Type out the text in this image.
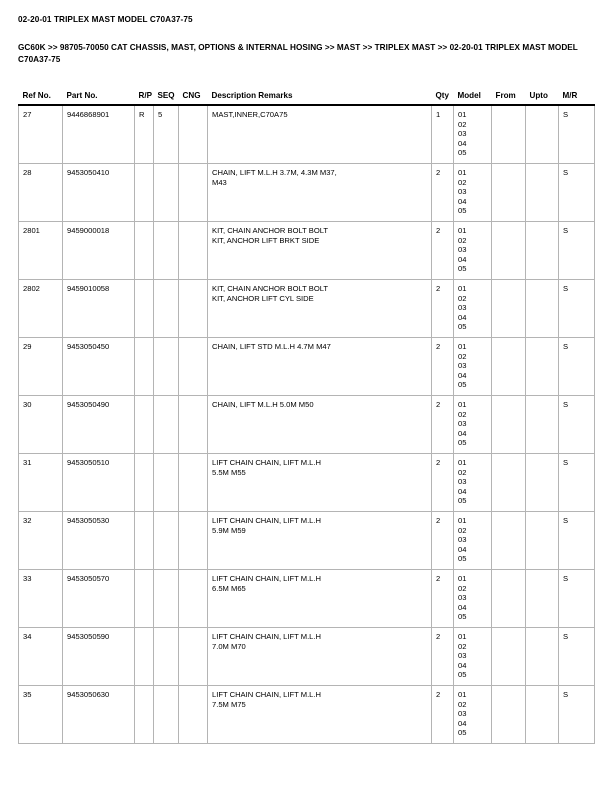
02-20-01 TRIPLEX MAST MODEL C70A37-75
GC60K >> 98705-70050 CAT CHASSIS, MAST, OPTIONS & INTERNAL HOSING >> MAST >> TRIPLEX MAST >> 02-20-01 TRIPLEX MAST MODEL C70A37-75
Ref No.	Part No.	R/P	SEQ	CNG	Description Remarks	Qty	Model	From	Upto	M/R
27	9446868901	R	5		MAST,INNER,C70A75	1	01
02
03
04
05			S
28	9453050410				CHAIN, LIFT M.L.H 3.7M, 4.3M M37,
M43	2	01
02
03
04
05			S
2801	9459000018				KIT, CHAIN ANCHOR BOLT BOLT
KIT, ANCHOR LIFT BRKT SIDE	2	01
02
03
04
05			S
2802	9459010058				KIT, CHAIN ANCHOR BOLT BOLT
KIT, ANCHOR LIFT CYL SIDE	2	01
02
03
04
05			S
29	9453050450				CHAIN, LIFT STD M.L.H 4.7M M47	2	01
02
03
04
05			S
30	9453050490				CHAIN, LIFT M.L.H 5.0M M50	2	01
02
03
04
05			S
31	9453050510				LIFT CHAIN CHAIN, LIFT M.L.H
5.5M M55	2	01
02
03
04
05			S
32	9453050530				LIFT CHAIN CHAIN, LIFT M.L.H
5.9M M59	2	01
02
03
04
05			S
33	9453050570				LIFT CHAIN CHAIN, LIFT M.L.H
6.5M M65	2	01
02
03
04
05			S
34	9453050590				LIFT CHAIN CHAIN, LIFT M.L.H
7.0M M70	2	01
02
03
04
05			S
35	9453050630				LIFT CHAIN CHAIN, LIFT M.L.H
7.5M M75	2	01
02
03
04
05			S
